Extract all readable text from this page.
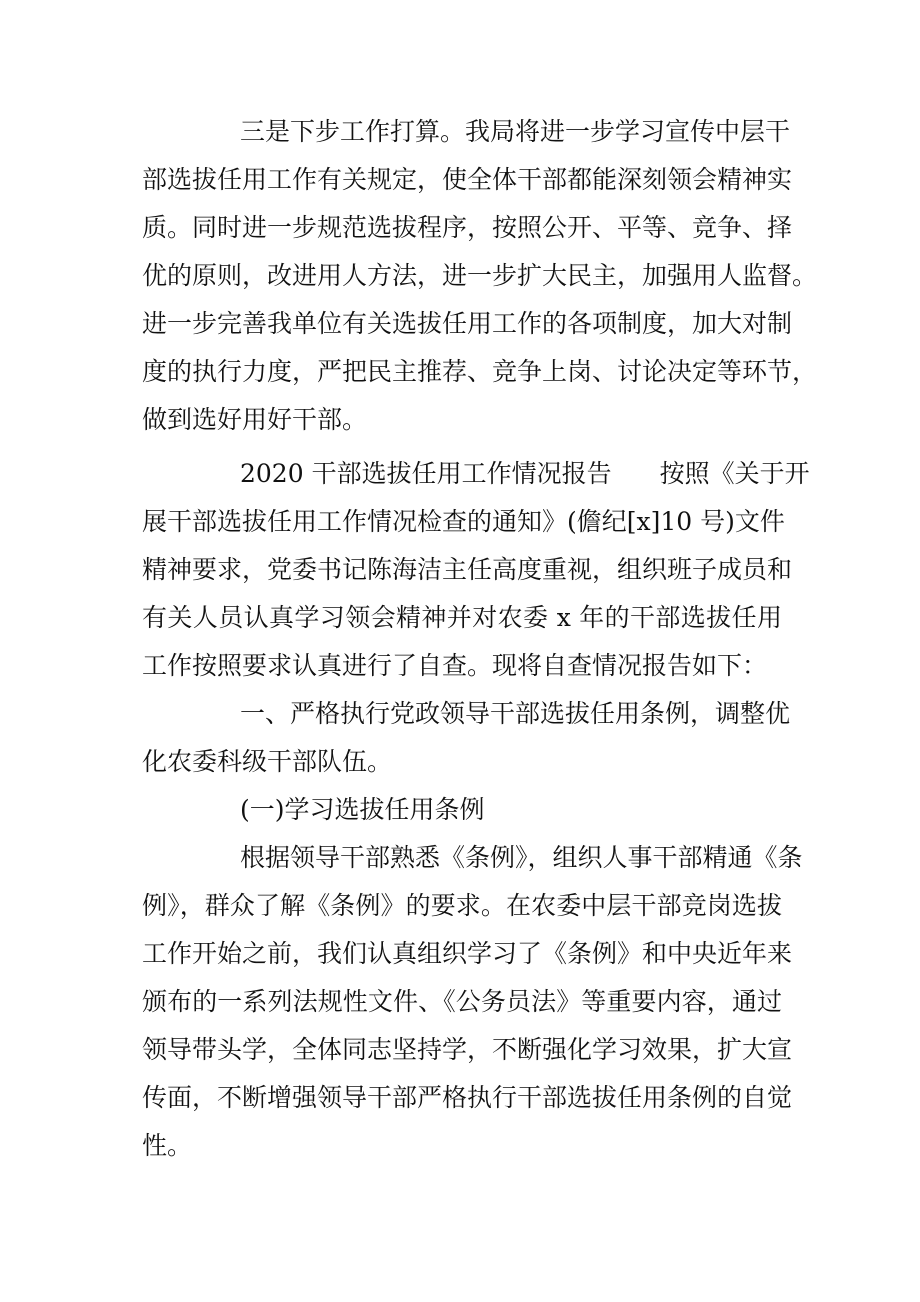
三是下步工作打算。我局将进一步学习宣传中层干
部选拔任用工作有关规定，使全体干部都能深刻领会精神实
质。同时进一步规范选拔程序，按照公开、平等、竞争、择
优的原则，改进用人方法，进一步扩大民主，加强用人监督。
进一步完善我单位有关选拔任用工作的各项制度，加大对制
度的执行力度，严把民主推荐、竞争上岗、讨论决定等环节，
做到选好用好干部。
2020 干部选拔任用工作情况报告 按照《关于开
展干部选拔任用工作情况检查的通知》(儋纪[x]10 号)文件
精神要求，党委书记陈海洁主任高度重视，组织班子成员和
有关人员认真学习领会精神并对农委 x 年的干部选拔任用
工作按照要求认真进行了自查。现将自查情况报告如下：
一、严格执行党政领导干部选拔任用条例，调整优
化农委科级干部队伍。
(一)学习选拔任用条例
根据领导干部熟悉《条例》，组织人事干部精通《条
例》，群众了解《条例》的要求。在农委中层干部竞岗选拔
工作开始之前，我们认真组织学习了《条例》和中央近年来
颁布的一系列法规性文件、《公务员法》等重要内容，通过
领导带头学，全体同志坚持学，不断强化学习效果，扩大宣
传面，不断增强领导干部严格执行干部选拔任用条例的自觉
性。
